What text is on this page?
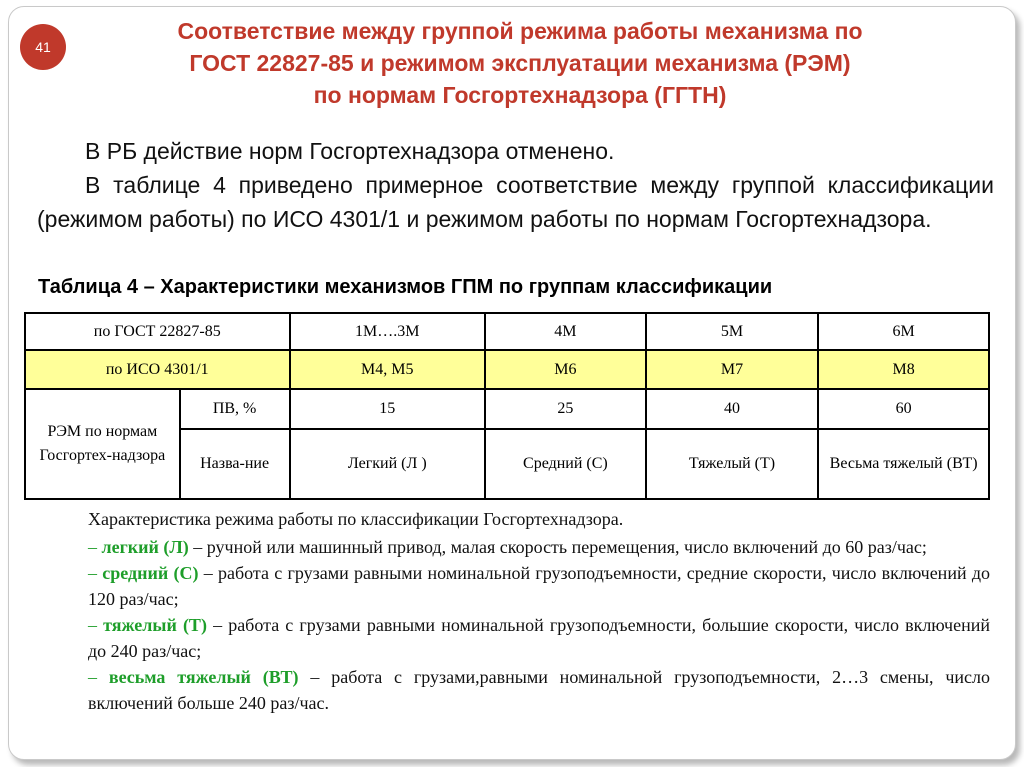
41
Соответствие между группой режима работы механизма по
ГОСТ 22827-85 и режимом эксплуатации механизма (РЭМ)
по нормам Госгортехнадзора (ГГТН)

В РБ действие норм Госгортехнадзора отменено.

В таблице 4 приведено примерное соответствие между группой классификации (режимом работы) по ИСО 4301/1 и режимом работы по нормам Госгортехнадзора.

Таблица 4 – Характеристики механизмов ГПМ по группам классификации
по ГОСТ 22827-85		1М….3М	4М	5М	6М
по ИСО 4301/1		М4, М5	М6	М7	М8
РЭМ по нормам Госгортех-надзора	ПВ, %	15	25	40	60
	Назва-ние	Легкий (Л )	Средний (С)	Тяжелый (Т)	Весьма тяжелый (ВТ)

Характеристика режима работы по классификации Госгортехнадзора.

– легкий (Л) – ручной или машинный привод, малая скорость перемещения, число включений до 60 раз/час;

– средний (С) – работа с грузами равными номинальной грузоподъемности, средние скорости, число включений до 120 раз/час;

– тяжелый (Т) – работа с грузами равными номинальной грузоподъемности, большие скорости, число включений до 240 раз/час;

– весьма тяжелый (ВТ) – работа с грузами,равными номинальной грузоподъемности, 2…3 смены, число включений больше 240 раз/час.
